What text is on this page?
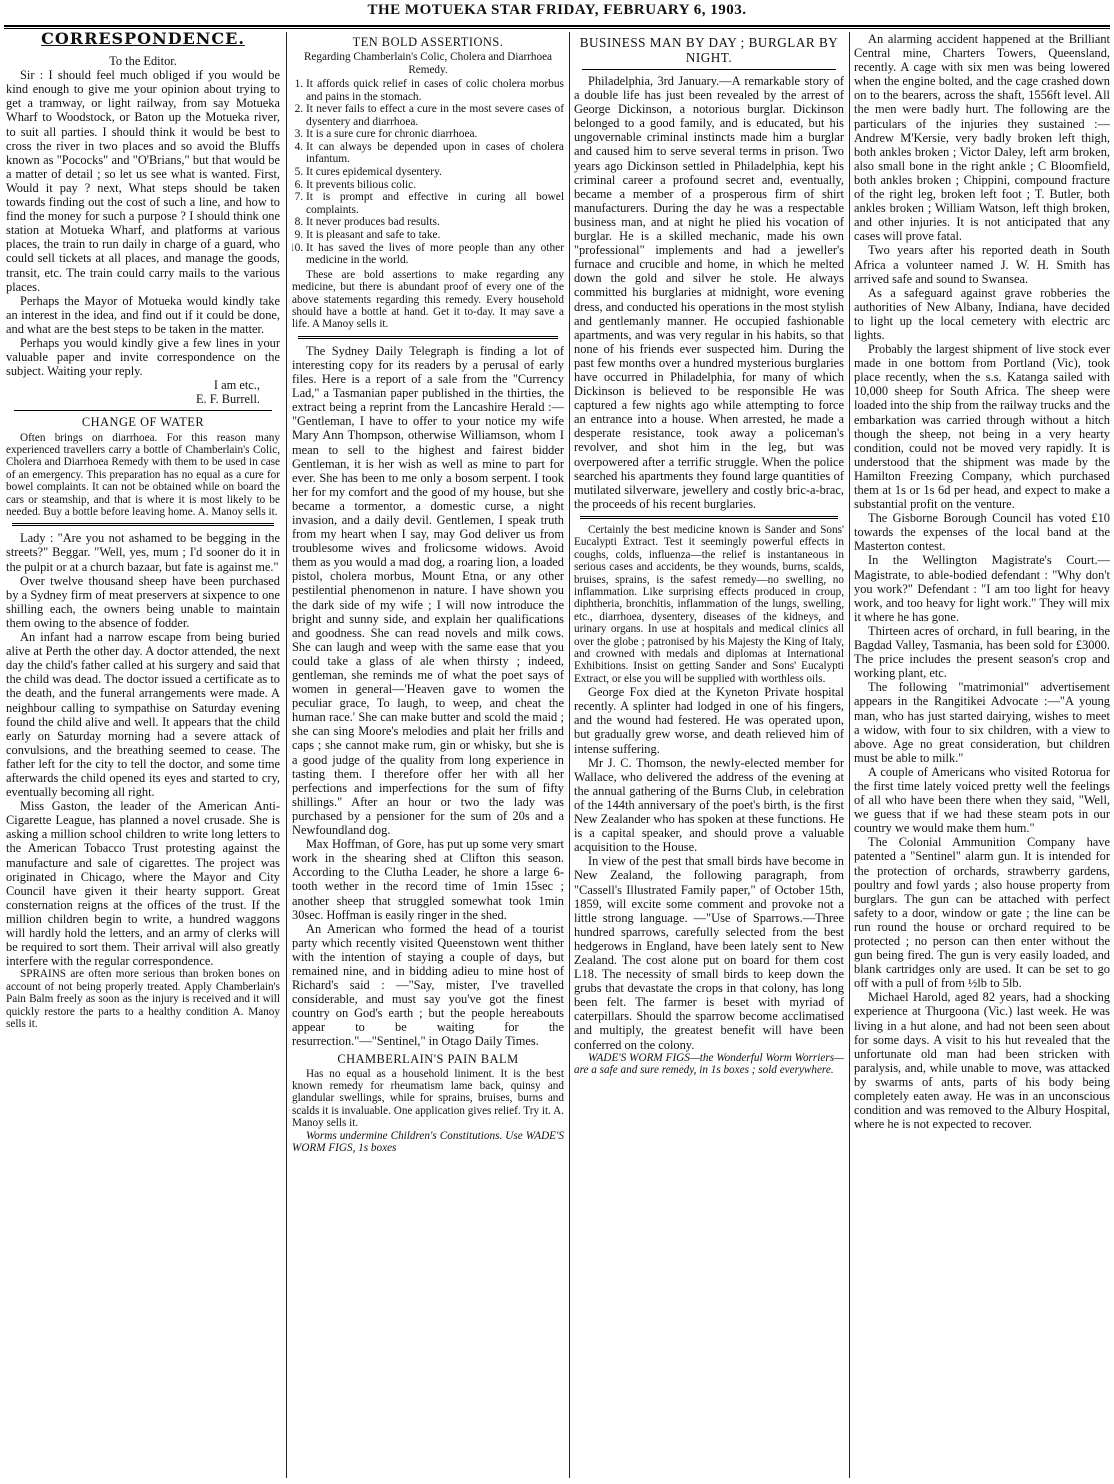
THE MOTUEKA STAR FRIDAY, FEBRUARY 6, 1903.
CORRESPONDENCE.

To the Editor.

Sir : I should feel much obliged if you would be kind enough to give me your opinion about trying to get a tramway, or light railway, from say Motueka Wharf to Woodstock, or Baton up the Motueka river, to suit all parties. I should think it would be best to cross the river in two places and so avoid the Bluffs known as "Pococks" and "O'Brians," but that would be a matter of detail ; so let us see what is wanted. First, Would it pay ? next, What steps should be taken towards finding out the cost of such a line, and how to find the money for such a purpose ? I should think one station at Motueka Wharf, and platforms at various places, the train to run daily in charge of a guard, who could sell tickets at all places, and manage the goods, transit, etc. The train could carry mails to the various places.

Perhaps the Mayor of Motueka would kindly take an interest in the idea, and find out if it could be done, and what are the best steps to be taken in the matter.

Perhaps you would kindly give a few lines in your valuable paper and invite correspondence on the subject. Waiting your reply.

I am etc.,

E. F. Burrell.

CHANGE OF WATER

Often brings on diarrhoea. For this reason many experienced travellers carry a bottle of Chamberlain's Colic, Cholera and Diarrhoea Remedy with them to be used in case of an emergency. This preparation has no equal as a cure for bowel complaints. It can not be obtained while on board the cars or steamship, and that is where it is most likely to be needed. Buy a bottle before leaving home. A. Manoy sells it.

Lady : "Are you not ashamed to be begging in the streets?" Beggar. "Well, yes, mum ; I'd sooner do it in the pulpit or at a church bazaar, but fate is against me."

Over twelve thousand sheep have been purchased by a Sydney firm of meat preservers at sixpence to one shilling each, the owners being unable to maintain them owing to the absence of fodder.

An infant had a narrow escape from being buried alive at Perth the other day. A doctor attended, the next day the child's father called at his surgery and said that the child was dead. The doctor issued a certificate as to the death, and the funeral arrangements were made. A neighbour calling to sympathise on Saturday evening found the child alive and well. It appears that the child early on Saturday morning had a severe attack of convulsions, and the breathing seemed to cease. The father left for the city to tell the doctor, and some time afterwards the child opened its eyes and started to cry, eventually becoming all right.

Miss Gaston, the leader of the American Anti-Cigarette League, has planned a novel crusade. She is asking a million school children to write long letters to the American Tobacco Trust protesting against the manufacture and sale of cigarettes. The project was originated in Chicago, where the Mayor and City Council have given it their hearty support. Great consternation reigns at the offices of the trust. If the million children begin to write, a hundred waggons will hardly hold the letters, and an army of clerks will be required to sort them. Their arrival will also greatly interfere with the regular correspondence.

SPRAINS are often more serious than broken bones on account of not being properly treated. Apply Chamberlain's Pain Balm freely as soon as the injury is received and it will quickly restore the parts to a healthy condition A. Manoy sells it.

TEN BOLD ASSERTIONS.

Regarding Chamberlain's Colic, Cholera and Diarrhoea Remedy.

1. It affords quick relief in cases of colic cholera morbus and pains in the stomach.
2. It never fails to effect a cure in the most severe cases of dysentery and diarrhoea.
3. It is a sure cure for chronic diarrhoea.
4. It can always be depended upon in cases of cholera infantum.
5. It cures epidemical dysentery.
6. It prevents bilious colic.
7. It is prompt and effective in curing all bowel complaints.
8. It never produces bad results.
9. It is pleasant and safe to take.
10. It has saved the lives of more people than any other medicine in the world.

These are bold assertions to make regarding any medicine, but there is abundant proof of every one of the above statements regarding this remedy. Every household should have a bottle at hand. Get it to-day. It may save a life. A Manoy sells it.

The Sydney Daily Telegraph is finding a lot of interesting copy for its readers by a perusal of early files. Here is a report of a sale from the "Currency Lad," a Tasmanian paper published in the thirties, the extract being a reprint from the Lancashire Herald :— "Gentleman, I have to offer to your notice my wife Mary Ann Thompson, otherwise Williamson, whom I mean to sell to the highest and fairest bidder Gentleman, it is her wish as well as mine to part for ever. She has been to me only a bosom serpent. I took her for my comfort and the good of my house, but she became a tormentor, a domestic curse, a night invasion, and a daily devil. Gentlemen, I speak truth from my heart when I say, may God deliver us from troublesome wives and frolicsome widows. Avoid them as you would a mad dog, a roaring lion, a loaded pistol, cholera morbus, Mount Etna, or any other pestilential phenomenon in nature. I have shown you the dark side of my wife ; I will now introduce the bright and sunny side, and explain her qualifications and goodness. She can read novels and milk cows. She can laugh and weep with the same ease that you could take a glass of ale when thirsty ; indeed, gentleman, she reminds me of what the poet says of women in general—'Heaven gave to women the peculiar grace, To laugh, to weep, and cheat the human race.' She can make butter and scold the maid ; she can sing Moore's melodies and plait her frills and caps ; she cannot make rum, gin or whisky, but she is a good judge of the quality from long experience in tasting them. I therefore offer her with all her perfections and imperfections for the sum of fifty shillings." After an hour or two the lady was purchased by a pensioner for the sum of 20s and a Newfoundland dog.

Max Hoffman, of Gore, has put up some very smart work in the shearing shed at Clifton this season. According to the Clutha Leader, he shore a large 6-tooth wether in the record time of 1min 15sec ; another sheep that struggled somewhat took 1min 30sec. Hoffman is easily ringer in the shed.

An American who formed the head of a tourist party which recently visited Queenstown went thither with the intention of staying a couple of days, but remained nine, and in bidding adieu to mine host of Richard's said : —"Say, mister, I've travelled considerable, and must say you've got the finest country on God's earth ; but the people hereabouts appear to be waiting for the resurrection."—"Sentinel," in Otago Daily Times.

CHAMBERLAIN'S PAIN BALM

Has no equal as a household liniment. It is the best known remedy for rheumatism lame back, quinsy and glandular swellings, while for sprains, bruises, burns and scalds it is invaluable. One application gives relief. Try it. A. Manoy sells it.

Worms undermine Children's Constitutions. Use WADE'S WORM FIGS, 1s boxes

BUSINESS MAN BY DAY ; BURGLAR BY NIGHT.

Philadelphia, 3rd January.—A remarkable story of a double life has just been revealed by the arrest of George Dickinson, a notorious burglar. Dickinson belonged to a good family, and is educated, but his ungovernable criminal instincts made him a burglar and caused him to serve several terms in prison. Two years ago Dickinson settled in Philadelphia, kept his criminal career a profound secret and, eventually, became a member of a prosperous firm of shirt manufacturers. During the day he was a respectable business man, and at night he plied his vocation of burglar. He is a skilled mechanic, made his own "professional" implements and had a jeweller's furnace and crucible and home, in which he melted down the gold and silver he stole. He always committed his burglaries at midnight, wore evening dress, and conducted his operations in the most stylish and gentlemanly manner. He occupied fashionable apartments, and was very regular in his habits, so that none of his friends ever suspected him. During the past few months over a hundred mysterious burglaries have occurred in Philadelphia, for many of which Dickinson is believed to be responsible He was captured a few nights ago while attempting to force an entrance into a house. When arrested, he made a desperate resistance, took away a policeman's revolver, and shot him in the leg, but was overpowered after a terrific struggle. When the police searched his apartments they found large quantities of mutilated silverware, jewellery and costly bric-a-brac, the proceeds of his recent burglaries.

Certainly the best medicine known is Sander and Sons' Eucalypti Extract. Test it seemingly powerful effects in coughs, colds, influenza—the relief is instantaneous in serious cases and accidents, be they wounds, burns, scalds, bruises, sprains, is the safest remedy—no swelling, no inflammation. Like surprising effects produced in croup, diphtheria, bronchitis, inflammation of the lungs, swelling, etc., diarrhoea, dysentery, diseases of the kidneys, and urinary organs. In use at hospitals and medical clinics all over the globe ; patronised by his Majesty the King of Italy, and crowned with medals and diplomas at International Exhibitions. Insist on getting Sander and Sons' Eucalypti Extract, or else you will be supplied with worthless oils.

George Fox died at the Kyneton Private hospital recently. A splinter had lodged in one of his fingers, and the wound had festered. He was operated upon, but gradually grew worse, and death relieved him of intense suffering.

Mr J. C. Thomson, the newly-elected member for Wallace, who delivered the address of the evening at the annual gathering of the Burns Club, in celebration of the 144th anniversary of the poet's birth, is the first New Zealander who has spoken at these functions. He is a capital speaker, and should prove a valuable acquisition to the House.

In view of the pest that small birds have become in New Zealand, the following paragraph, from "Cassell's Illustrated Family paper," of October 15th, 1859, will excite some comment and provoke not a little strong language. —"Use of Sparrows.—Three hundred sparrows, carefully selected from the best hedgerows in England, have been lately sent to New Zealand. The cost alone put on board for them cost L18. The necessity of small birds to keep down the grubs that devastate the crops in that colony, has long been felt. The farmer is beset with myriad of caterpillars. Should the sparrow become acclimatised and multiply, the greatest benefit will have been conferred on the colony.

WADE'S WORM FIGS—the Wonderful Worm Worriers—are a safe and sure remedy, in 1s boxes ; sold everywhere.

An alarming accident happened at the Brilliant Central mine, Charters Towers, Queensland, recently. A cage with six men was being lowered when the engine bolted, and the cage crashed down on to the bearers, across the shaft, 1556ft level. All the men were badly hurt. The following are the particulars of the injuries they sustained :— Andrew M'Kersie, very badly broken left thigh, both ankles broken ; Victor Daley, left arm broken, also small bone in the right ankle ; C Bloomfield, both ankles broken ; Chippini, compound fracture of the right leg, broken left foot ; T. Butler, both ankles broken ; William Watson, left thigh broken, and other injuries. It is not anticipated that any cases will prove fatal.

Two years after his reported death in South Africa a volunteer named J. W. H. Smith has arrived safe and sound to Swansea.

As a safeguard against grave robberies the authorities of New Albany, Indiana, have decided to light up the local cemetery with electric arc lights.

Probably the largest shipment of live stock ever made in one bottom from Portland (Vic), took place recently, when the s.s. Katanga sailed with 10,000 sheep for South Africa. The sheep were loaded into the ship from the railway trucks and the embarkation was carried through without a hitch though the sheep, not being in a very hearty condition, could not be moved very rapidly. It is understood that the shipment was made by the Hamilton Freezing Company, which purchased them at 1s or 1s 6d per head, and expect to make a substantial profit on the venture.

The Gisborne Borough Council has voted £10 towards the expenses of the local band at the Masterton contest.

In the Wellington Magistrate's Court.—Magistrate, to able-bodied defendant : "Why don't you work?" Defendant : "I am too light for heavy work, and too heavy for light work." They will mix it where he has gone.

Thirteen acres of orchard, in full bearing, in the Bagdad Valley, Tasmania, has been sold for £3000. The price includes the present season's crop and working plant, etc.

The following "matrimonial" advertisement appears in the Rangitikei Advocate :—"A young man, who has just started dairying, wishes to meet a widow, with four to six children, with a view to above. Age no great consideration, but children must be able to milk."

A couple of Americans who visited Rotorua for the first time lately voiced pretty well the feelings of all who have been there when they said, "Well, we guess that if we had these steam pots in our country we would make them hum."

The Colonial Ammunition Company have patented a "Sentinel" alarm gun. It is intended for the protection of orchards, strawberry gardens, poultry and fowl yards ; also house property from burglars. The gun can be attached with perfect safety to a door, window or gate ; the line can be run round the house or orchard required to be protected ; no person can then enter without the gun being fired. The gun is very easily loaded, and blank cartridges only are used. It can be set to go off with a pull of from ½lb to 5lb.

Michael Harold, aged 82 years, had a shocking experience at Thurgoona (Vic.) last week. He was living in a hut alone, and had not been seen about for some days. A visit to his hut revealed that the unfortunate old man had been stricken with paralysis, and, while unable to move, was attacked by swarms of ants, parts of his body being completely eaten away. He was in an unconscious condition and was removed to the Albury Hospital, where he is not expected to recover.
